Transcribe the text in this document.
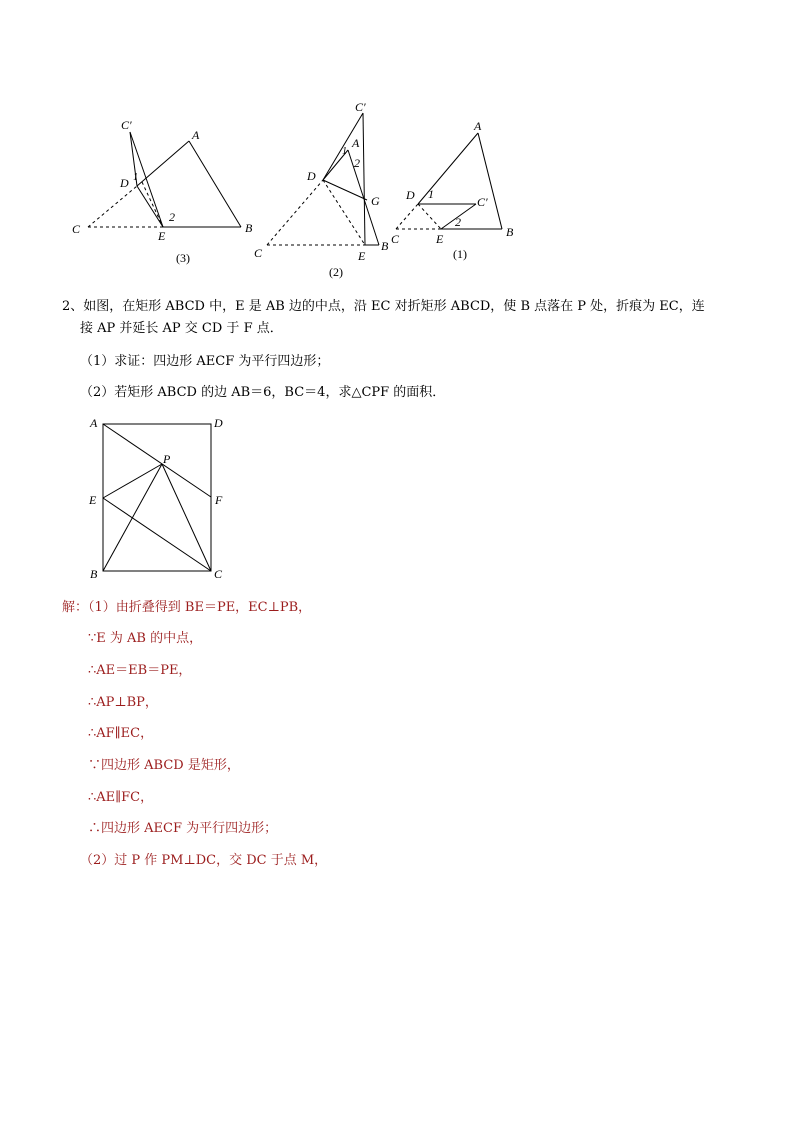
C′
A
D 1
C	E
2
B
(3)
C′
1
A
2
D
G
C	E
B
(2)
A
D 1
C′
2
C	E	B
(1)
2、如图，在矩形 ABCD 中，E 是 AB 边的中点，沿 EC 对折矩形 ABCD，使 B 点落在 P 处，折痕为 EC，连
接 AP 并延长 AP 交 CD 于 F 点．
（1）求证：四边形 AECF 为平行四边形；
（2）若矩形 ABCD 的边 AB＝6，BC＝4，求△CPF 的面积．
A	D
P
E	F
B	C
解：（1）由折叠得到 BE＝PE，EC⊥PB，
∵E 为 AB 的中点，
∴AE＝EB＝PE，
∴AP⊥BP，
∴AF∥EC，
∵四边形 ABCD 是矩形，
∴AE∥FC，
∴四边形 AECF 为平行四边形；
（2）过 P 作 PM⊥DC，交 DC 于点 M，
